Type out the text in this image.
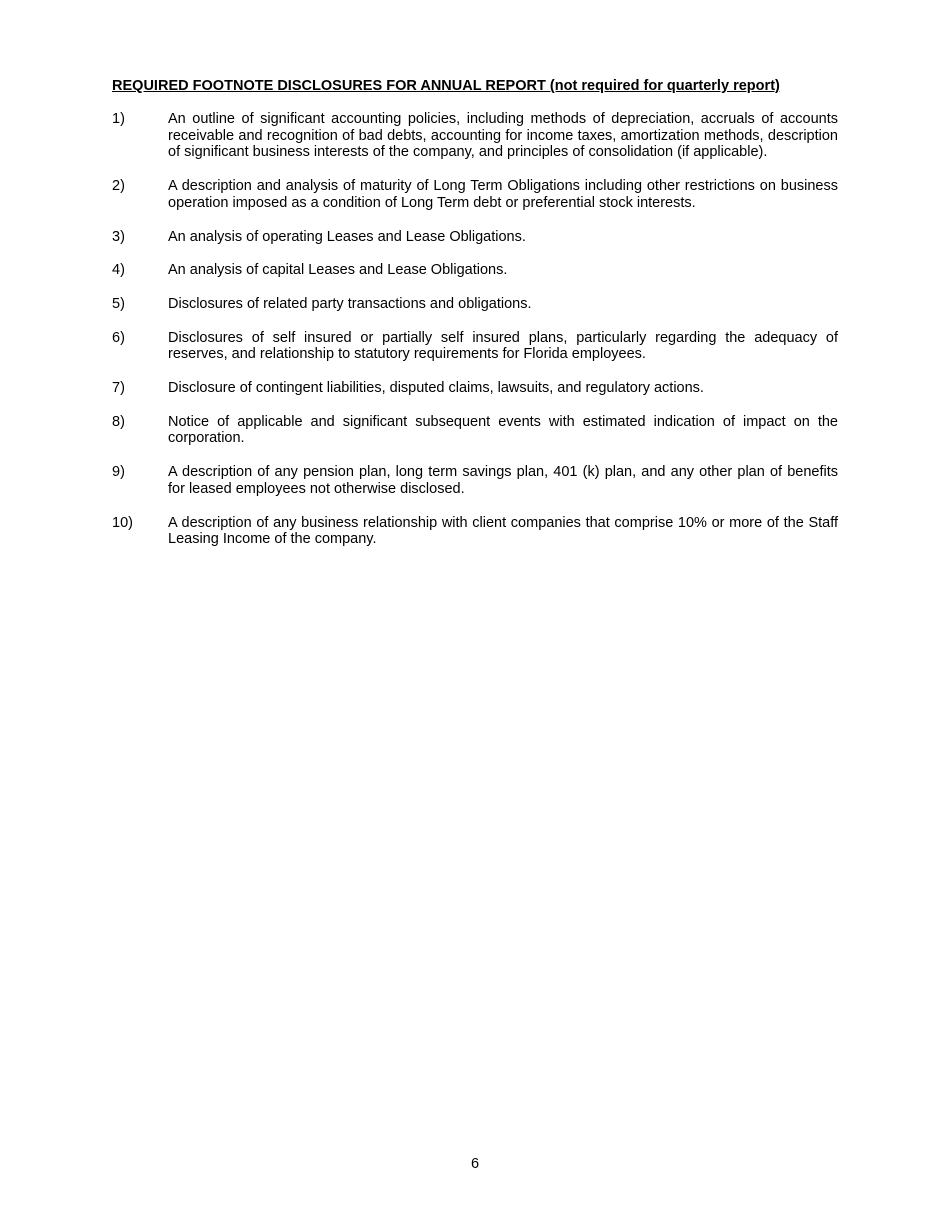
REQUIRED FOOTNOTE DISCLOSURES FOR ANNUAL REPORT (not required for quarterly report)
1)	An outline of significant accounting policies, including methods of depreciation, accruals of accounts receivable and recognition of bad debts, accounting for income taxes, amortization methods, description of significant business interests of the company, and principles of consolidation (if applicable).
2)	A description and analysis of maturity of Long Term Obligations including other restrictions on business operation imposed as a condition of Long Term debt or preferential stock interests.
3)	An analysis of operating Leases and Lease Obligations.
4)	An analysis of capital Leases and Lease Obligations.
5)	Disclosures of related party transactions and obligations.
6)	Disclosures of self insured or partially self insured plans, particularly regarding the adequacy of reserves, and relationship to statutory requirements for Florida employees.
7)	Disclosure of contingent liabilities, disputed claims, lawsuits, and regulatory actions.
8)	Notice of applicable and significant subsequent events with estimated indication of impact on the corporation.
9)	A description of any pension plan, long term savings plan, 401 (k) plan, and any other plan of benefits for leased employees not otherwise disclosed.
10)	A description of any business relationship with client companies that comprise 10% or more of the Staff Leasing Income of the company.
6
